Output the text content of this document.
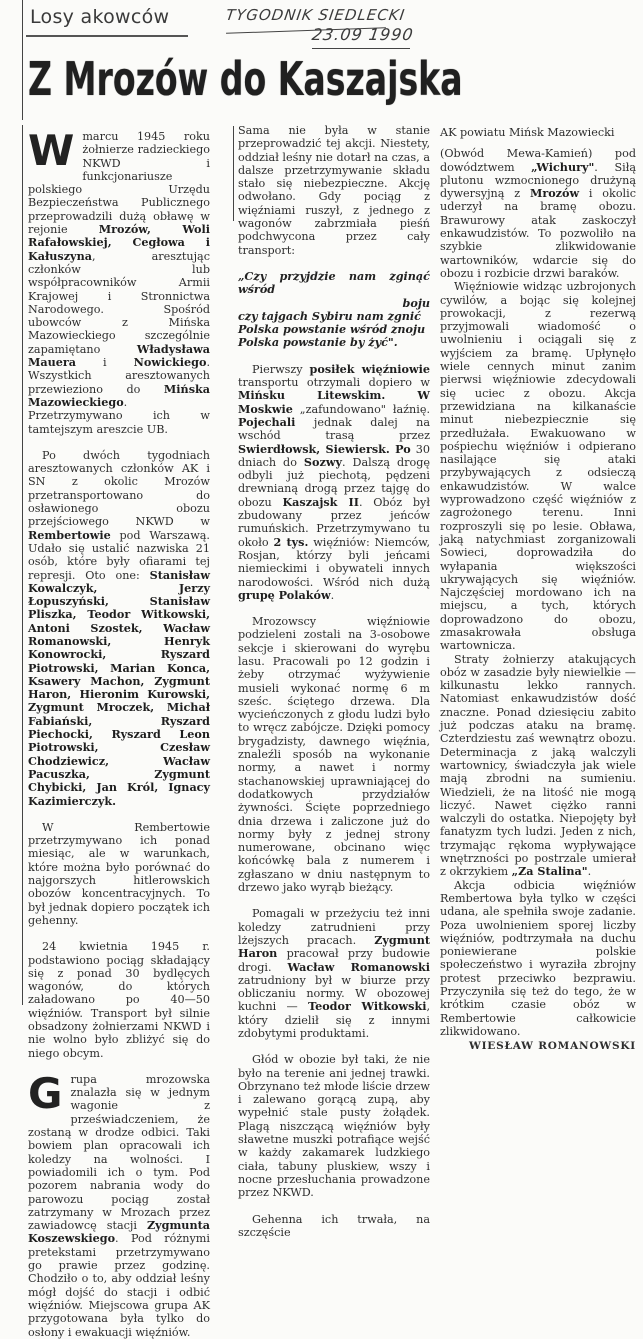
Losy akowców	TYGODNIK SIEDLECKI
23.09 1990
Z Mrozów do Kaszajska

W marcu 1945 roku żołnierze radzieckiego NKWD i funkcjonariusze polskiego Urzędu Bezpieczeństwa Publicznego przeprowadzili dużą obławę w rejonie Mrozów, Woli Rafałowskiej, Cegłowa i Kałuszyna, aresztując członków lub współpracowników Armii Krajowej i Stronnictwa Narodowego. Spośród ubowców z Mińska Mazowieckiego szczególnie zapamiętano Władysława Mauera i Nowickiego. Wszystkich aresztowanych przewieziono do Mińska Mazowieckiego. Przetrzymywano ich w tamtejszym areszcie UB.

Po dwóch tygodniach aresztowanych członków AK i SN z okolic Mrozów przetransportowano do osławionego obozu przejściowego NKWD w Rembertowie pod Warszawą. Udało się ustalić nazwiska 21 osób, które były ofiarami tej represji. Oto one: Stanisław Kowalczyk, Jerzy Łopuszyński, Stanisław Pliszka, Teodor Witkowski, Antoni Szostek, Wacław Romanowski, Henryk Konowrocki, Ryszard Piotrowski, Marian Konca, Ksawery Machon, Zygmunt Haron, Hieronim Kurowski, Zygmunt Mroczek, Michał Fabiański, Ryszard Piechocki, Ryszard Leon Piotrowski, Czesław Chodziewicz, Wacław Pacuszka, Zygmunt Chybicki, Jan Król, Ignacy Kazimierczyk.

W Rembertowie przetrzymywano ich ponad miesiąc, ale w warunkach, które można było porównać do najgorszych hitlerowskich obozów koncentracyjnych. To był jednak dopiero początek ich gehenny.

24 kwietnia 1945 r. podstawiono pociąg składający się z ponad 30 bydlęcych wagonów, do których załadowano po 40—50 więźniów. Transport był silnie obsadzony żołnierzami NKWD i nie wolno było zbliżyć się do niego obcym.

G rupa mrozowska znalazła się w jednym wagonie z przeświadczeniem, że zostaną w drodze odbici. Taki bowiem plan opracowali ich koledzy na wolności. I powiadomili ich o tym. Pod pozorem nabrania wody do parowozu pociąg został zatrzymany w Mrozach przez zawiadowcę stacji Zygmunta Koszewskiego. Pod różnymi pretekstami przetrzymywano go prawie przez godzinę. Chodziło o to, aby oddział leśny mógł dojść do stacji i odbić więźniów. Miejscowa grupa AK przygotowana była tylko do osłony i ewakuacji więźniów.

Sama nie była w stanie przeprowadzić tej akcji. Niestety, oddział leśny nie dotarł na czas, a dalsze przetrzymywanie składu stało się niebezpieczne. Akcję odwołano. Gdy pociąg z więźniami ruszył, z jednego z wagonów zabrzmiała pieśń podchwycona przez cały transport:

„Czy przyjdzie nam zginąć wśród
boju
czy tajgach Sybiru nam zgnić
Polska powstanie wśród znoju
Polska powstanie by żyć".

Pierwszy posiłek więźniowie transportu otrzymali dopiero w Mińsku Litewskim. W Moskwie „zafundowano" łaźnię. Pojechali jednak dalej na wschód trasą przez Swierdłowsk, Siewiersk. Po 30 dniach do Sozwy. Dalszą drogę odbyli już piechotą, pędzeni drewnianą drogą przez tajgę do obozu Kaszajsk II. Obóz był zbudowany przez jeńców rumuńskich. Przetrzymywano tu około 2 tys. więźniów: Niemców, Rosjan, którzy byli jeńcami niemieckimi i obywateli innych narodowości. Wśród nich dużą grupę Polaków.

Mrozowscy więźniowie podzieleni zostali na 3-osobowe sekcje i skierowani do wyrębu lasu. Pracowali po 12 godzin i żeby otrzymać wyżywienie musieli wykonać normę 6 m sześc. ściętego drzewa. Dla wycieńczonych z głodu ludzi było to wręcz zabójcze. Dzięki pomocy brygadzisty, dawnego więźnia, znaleźli sposób na wykonanie normy, a nawet i normy stachanowskiej uprawniającej do dodatkowych przydziałów żywności. Ścięte poprzedniego dnia drzewa i zaliczone już do normy były z jednej strony numerowane, obcinano więc końcówkę bala z numerem i zgłaszano w dniu następnym to drzewo jako wyrąb bieżący.

Pomagali w przeżyciu też inni koledzy zatrudnieni przy lżejszych pracach. Zygmunt Haron pracował przy budowie drogi. Wacław Romanowski zatrudniony był w biurze przy obliczaniu normy. W obozowej kuchni — Teodor Witkowski, który dzielił się z innymi zdobytymi produktami.

Głód w obozie był taki, że nie było na terenie ani jednej trawki. Obrzynano też młode liście drzew i zalewano gorącą zupą, aby wypełnić stale pusty żołądek. Plagą niszczącą więźniów były sławetne muszki potrafiące wejść w każdy zakamarek ludzkiego ciała, tabuny pluskiew, wszy i nocne przesłuchania prowadzone przez NKWD.

Gehenna ich trwała, na szczęście

AK powiatu Mińsk Mazowiecki

(Obwód Mewa-Kamień) pod dowództwem „Wichury". Siłą plutonu wzmocnionego drużyną dywersyjną z Mrozów i okolic uderzył na bramę obozu. Brawurowy atak zaskoczył enkawudzistów. To pozwoliło na szybkie zlikwidowanie wartowników, wdarcie się do obozu i rozbicie drzwi baraków.

Więźniowie widząc uzbrojonych cywilów, a bojąc się kolejnej prowokacji, z rezerwą przyjmowali wiadomość o uwolnieniu i ociągali się z wyjściem za bramę. Upłynęło wiele cennych minut zanim pierwsi więźniowie zdecydowali się uciec z obozu. Akcja przewidziana na kilkanaście minut niebezpiecznie się przedłużała. Ewakuowano w pośpiechu więźniów i odpierano nasilające się ataki przybywających z odsieczą enkawudzistów. W walce wyprowadzono część więźniów z zagrożonego terenu. Inni rozproszyli się po lesie. Obława, jaką natychmiast zorganizowali Sowieci, doprowadziła do wyłapania większości ukrywających się więźniów. Najczęściej mordowano ich na miejscu, a tych, których doprowadzono do obozu, zmasakrowała obsługa wartownicza.

Straty żołnierzy atakujących obóz w zasadzie były niewielkie — kilkunastu lekko rannych. Natomiast enkawudzistów dość znaczne. Ponad dziesięciu zabito już podczas ataku na bramę. Czterdziestu zaś wewnątrz obozu. Determinacja z jaką walczyli wartownicy, świadczyła jak wiele mają zbrodni na sumieniu. Wiedzieli, że na litość nie mogą liczyć. Nawet ciężko ranni walczyli do ostatka. Niepojęty był fanatyzm tych ludzi. Jeden z nich, trzymając rękoma wypływające wnętrzności po postrzale umierał z okrzykiem „Za Stalina".

Akcja odbicia więźniów Rembertowa była tylko w części udana, ale spełniła swoje zadanie. Poza uwolnieniem sporej liczby więźniów, podtrzymała na duchu poniewierane polskie społeczeństwo i wyraziła zbrojny protest przeciwko bezprawiu. Przyczyniła się też do tego, że w krótkim czasie obóz w Rembertowie całkowicie zlikwidowano.

WIESŁAW ROMANOWSKI
